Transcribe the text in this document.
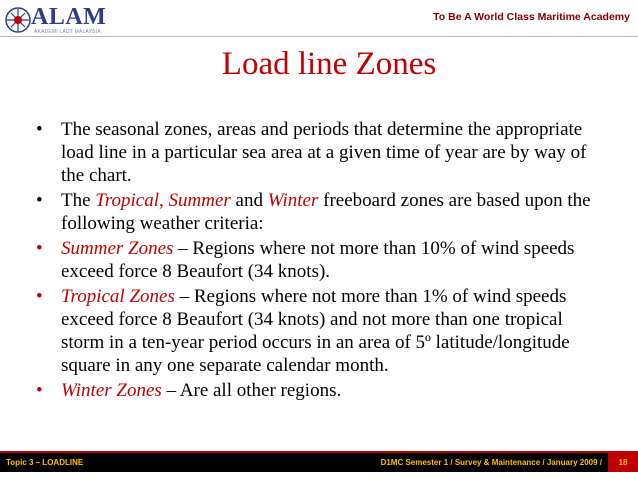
ALAM
AKADEMI LAUT MALAYSIA
To Be A World Class Maritime Academy
Load line Zones
• The seasonal zones, areas and periods that determine the appropriate load line in a particular sea area at a given time of year are by way of the chart.
• The Tropical, Summer and Winter freeboard zones are based upon the following weather criteria:
• Summer Zones – Regions where not more than 10% of wind speeds exceed force 8 Beaufort (34 knots).
• Tropical Zones – Regions where not more than 1% of wind speeds exceed force 8 Beaufort (34 knots) and not more than one tropical storm in a ten-year period occurs in an area of 5º latitude/longitude square in any one separate calendar month.
• Winter Zones – Are all other regions.
Topic 3 – LOADLINE	D1MC Semester 1 / Survey & Maintenance / January 2009 /	18
